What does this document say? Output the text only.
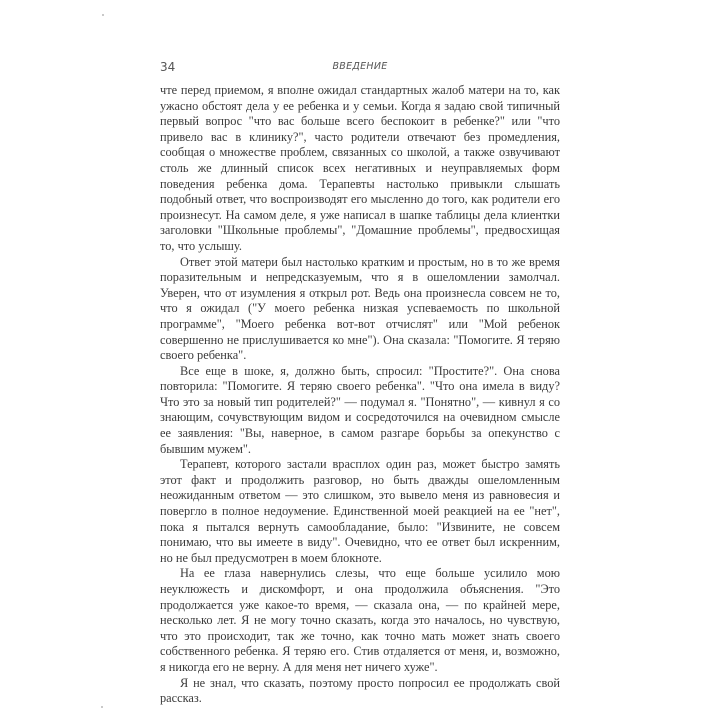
34	ВВЕДЕНИЕ

чте перед приемом, я вполне ожидал стандартных жалоб матери на то, как ужасно обстоят дела у ее ребенка и у семьи. Когда я задаю свой типичный первый вопрос "что вас больше всего беспокоит в ребенке?" или "что привело вас в клинику?", часто родители отвечают без промедления, сообщая о множестве проблем, связанных со школой, а также озвучивают столь же длинный список всех негативных и неуправляемых форм поведения ребенка дома. Терапевты настолько привыкли слышать подобный ответ, что воспроизводят его мысленно до того, как родители его произнесут. На самом деле, я уже написал в шапке таблицы дела клиентки заголовки "Школьные проблемы", "Домашние проблемы", предвосхищая то, что услышу.

Ответ этой матери был настолько кратким и простым, но в то же время поразительным и непредсказуемым, что я в ошеломлении замолчал. Уверен, что от изумления я открыл рот. Ведь она произнесла совсем не то, что я ожидал ("У моего ребенка низкая успеваемость по школьной программе", "Моего ребенка вот-вот отчислят" или "Мой ребенок совершенно не прислушивается ко мне"). Она сказала: "Помогите. Я теряю своего ребенка".

Все еще в шоке, я, должно быть, спросил: "Простите?". Она снова повторила: "Помогите. Я теряю своего ребенка". "Что она имела в виду? Что это за новый тип родителей?" — подумал я. "Понятно", — кивнул я со знающим, сочувствующим видом и сосредоточился на очевидном смысле ее заявления: "Вы, наверное, в самом разгаре борьбы за опекунство с бывшим мужем".

Терапевт, которого застали врасплох один раз, может быстро замять этот факт и продолжить разговор, но быть дважды ошеломленным неожиданным ответом — это слишком, это вывело меня из равновесия и повергло в полное недоумение. Единственной моей реакцией на ее "нет", пока я пытался вернуть самообладание, было: "Извините, не совсем понимаю, что вы имеете в виду". Очевидно, что ее ответ был искренним, но не был предусмотрен в моем блокноте.

На ее глаза навернулись слезы, что еще больше усилило мою неуклюжесть и дискомфорт, и она продолжила объяснения. "Это продолжается уже какое-то время, — сказала она, — по крайней мере, несколько лет. Я не могу точно сказать, когда это началось, но чувствую, что это происходит, так же точно, как точно мать может знать своего собственного ребенка. Я теряю его. Стив отдаляется от меня, и, возможно, я никогда его не верну. А для меня нет ничего хуже".

Я не знал, что сказать, поэтому просто попросил ее продолжать свой рассказ.
